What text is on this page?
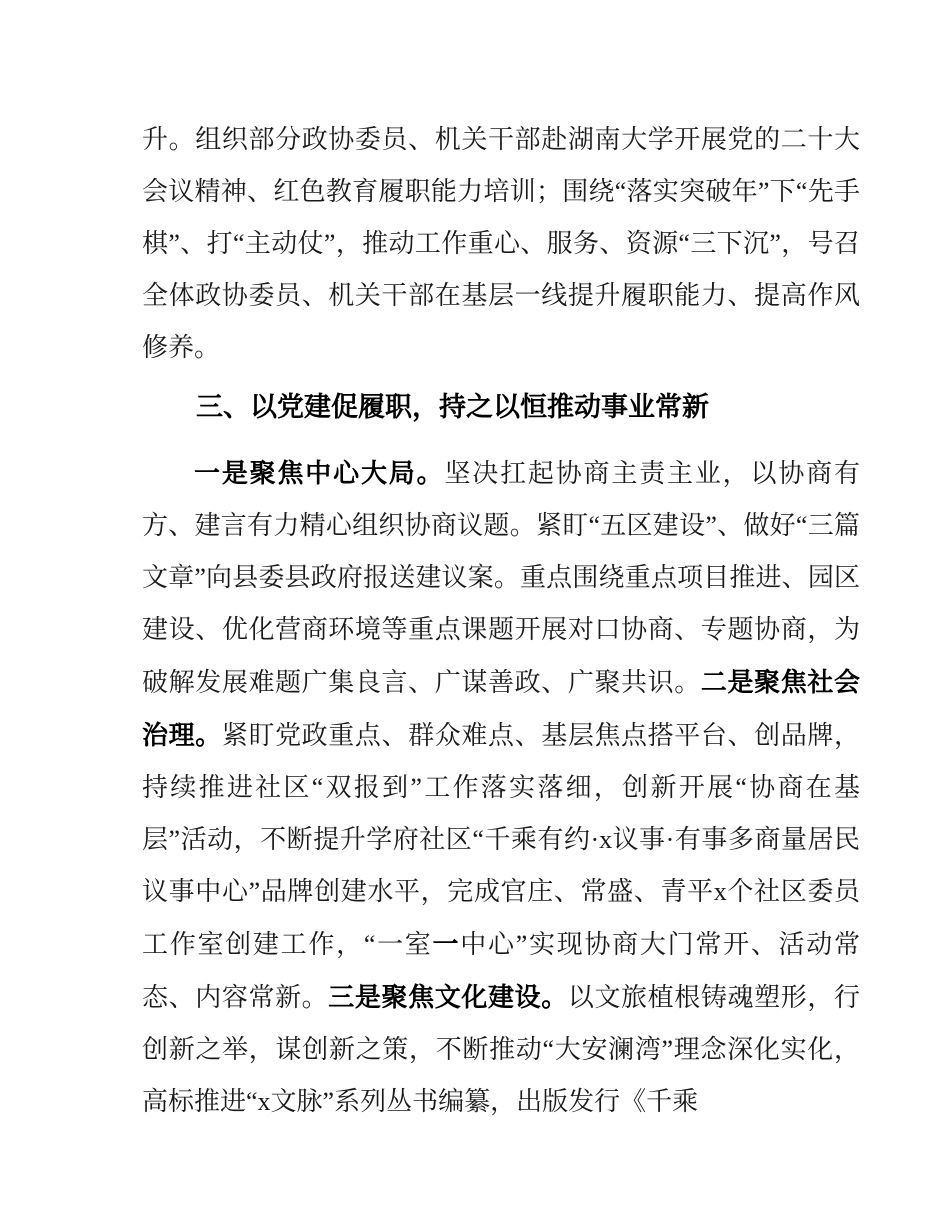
升。组织部分政协委员、机关干部赴湖南大学开展党的二十大会议精神、红色教育履职能力培训；围绕“落实突破年”下“先手棋”、打“主动仗”，推动工作重心、服务、资源“三下沉”，号召全体政协委员、机关干部在基层一线提升履职能力、提高作风修养。

三、以党建促履职，持之以恒推动事业常新

一是聚焦中心大局。坚决扛起协商主责主业，以协商有方、建言有力精心组织协商议题。紧盯“五区建设”、做好“三篇文章”向县委县政府报送建议案。重点围绕重点项目推进、园区建设、优化营商环境等重点课题开展对口协商、专题协商，为破解发展难题广集良言、广谋善政、广聚共识。二是聚焦社会治理。紧盯党政重点、群众难点、基层焦点搭平台、创品牌，持续推进社区“双报到”工作落实落细，创新开展“协商在基层”活动，不断提升学府社区“千乘有约·x议事·有事多商量居民议事中心”品牌创建水平，完成官庄、常盛、青平x个社区委员工作室创建工作，“一室一中心”实现协商大门常开、活动常态、内容常新。三是聚焦文化建设。以文旅植根铸魂塑形，行创新之举，谋创新之策，不断推动“大安澜湾”理念深化实化，高标推进“x文脉”系列丛书编纂，出版发行《千乘
